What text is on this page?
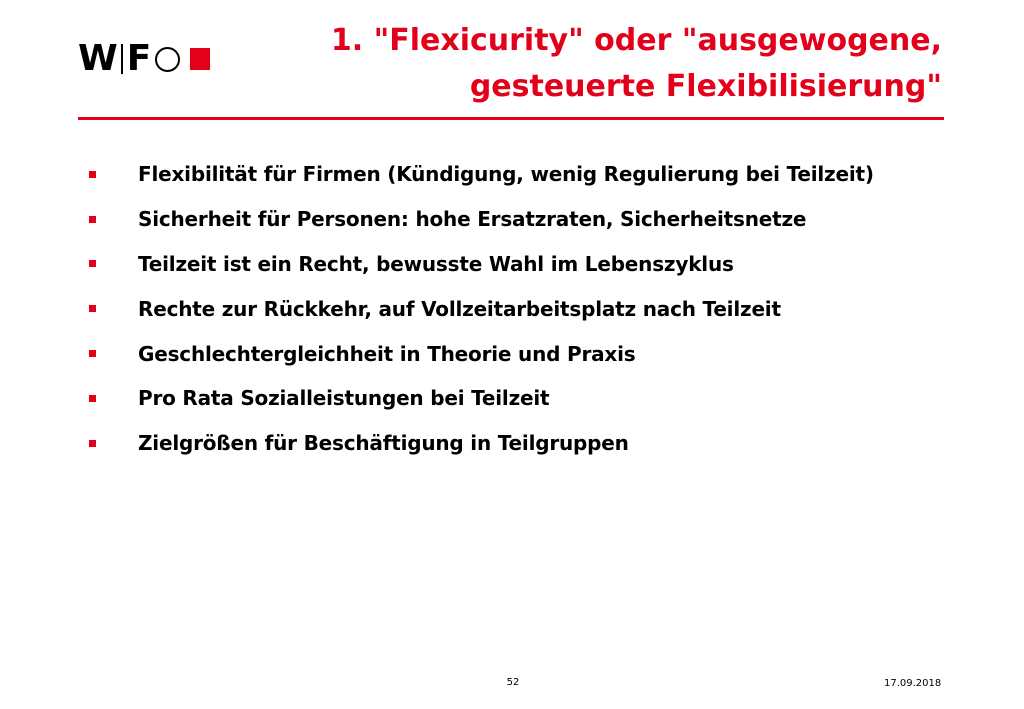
W F	1. "Flexicurity" oder "ausgewogene,
gesteuerte Flexibilisierung"
Flexibilität für Firmen (Kündigung, wenig Regulierung bei Teilzeit)
Sicherheit für Personen: hohe Ersatzraten, Sicherheitsnetze
Teilzeit ist ein Recht, bewusste Wahl im Lebenszyklus
Rechte zur Rückkehr, auf Vollzeitarbeitsplatz nach Teilzeit
Geschlechtergleichheit in Theorie und Praxis
Pro Rata Sozialleistungen bei Teilzeit
Zielgrößen für Beschäftigung in Teilgruppen
52	17.09.2018
